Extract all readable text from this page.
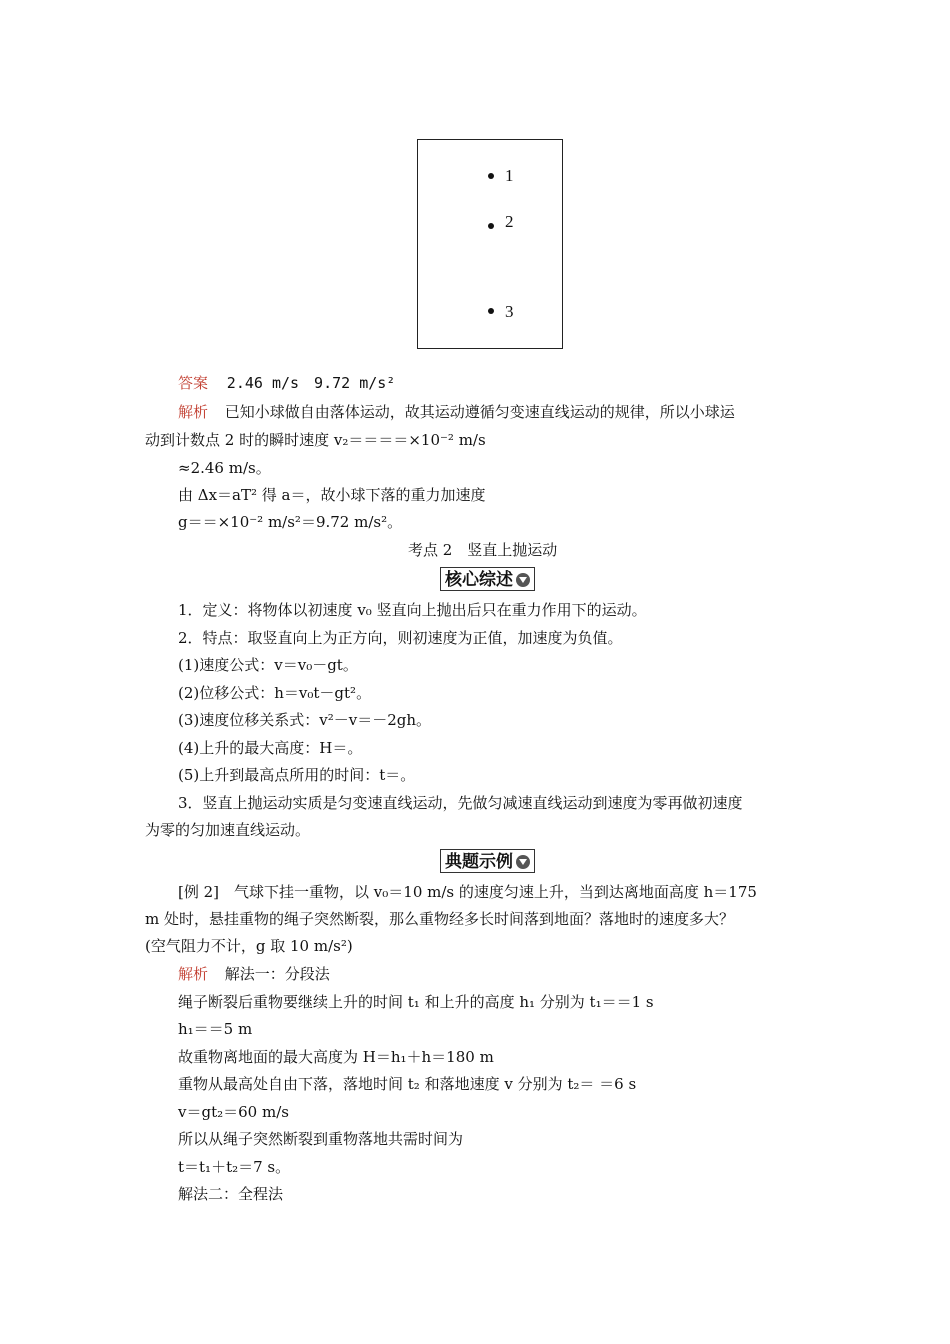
1
2
3
答案 2.46 m/s　9.72 m/s²
解析 已知小球做自由落体运动，故其运动遵循匀变速直线运动的规律，所以小球运
动到计数点 2 时的瞬时速度 v₂＝＝＝＝×10⁻² m/s
≈2.46 m/s。
由 Δx＝aT² 得 a＝，故小球下落的重力加速度
g＝＝×10⁻² m/s²＝9.72 m/s²。
考点 2　竖直上抛运动
核心综述
1．定义：将物体以初速度 v₀ 竖直向上抛出后只在重力作用下的运动。
2．特点：取竖直向上为正方向，则初速度为正值，加速度为负值。
(1)速度公式：v＝v₀－gt。
(2)位移公式：h＝v₀t－gt²。
(3)速度位移关系式：v²－v＝－2gh。
(4)上升的最大高度：H＝。
(5)上升到最高点所用的时间：t＝。
3．竖直上抛运动实质是匀变速直线运动，先做匀减速直线运动到速度为零再做初速度
为零的匀加速直线运动。
典题示例
[例 2]　气球下挂一重物，以 v₀＝10 m/s 的速度匀速上升，当到达离地面高度 h＝175
m 处时，悬挂重物的绳子突然断裂，那么重物经多长时间落到地面？落地时的速度多大？
(空气阻力不计，g 取 10 m/s²)
解析 解法一：分段法
绳子断裂后重物要继续上升的时间 t₁ 和上升的高度 h₁ 分别为 t₁＝＝1 s
h₁＝＝5 m
故重物离地面的最大高度为 H＝h₁＋h＝180 m
重物从最高处自由下落，落地时间 t₂ 和落地速度 v 分别为 t₂＝ ＝6 s
v＝gt₂＝60 m/s
所以从绳子突然断裂到重物落地共需时间为
t＝t₁＋t₂＝7 s。
解法二：全程法
